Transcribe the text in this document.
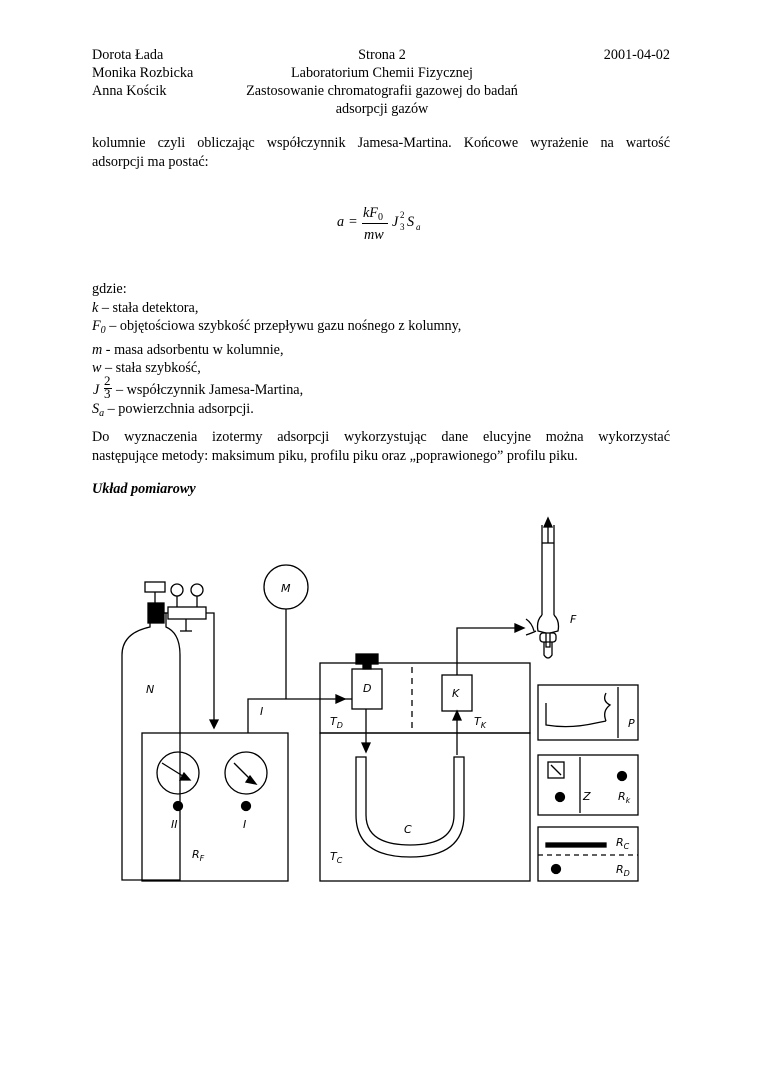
Dorota Łada
Monika Rozbicka
Anna Kościk
Strona 2
Laboratorium Chemii Fizycznej
Zastosowanie chromatografii gazowej do badań
adsorpcji gazów
2001-04-02
kolumnie czyli obliczając współczynnik Jamesa-Martina. Końcowe wyrażenie na wartość
adsorpcji ma postać:
a =
$kF_0$
mw
J 2
3 S a
gdzie:
k – stała detektora,
$F_0$ – objętościowa szybkość przepływu gazu nośnego z kolumny,
m - masa adsorbentu w kolumnie,
w – stała szybkość,
J
2
3 – współczynnik Jamesa-Martina,
$S_a$ – powierzchnia adsorpcji.
Do wyznaczenia izotermy adsorpcji wykorzystując dane elucyjne można wykorzystać
następujące metody: maksimum piku, profilu piku oraz „poprawionego” profilu piku.
Układ pomiarowy
N
M
F
I
D	K
$T_D$	$T_K$	P
C
$T_C$
II	I
$R_F$
Z $R_k$
$R_C$
$R_D$
